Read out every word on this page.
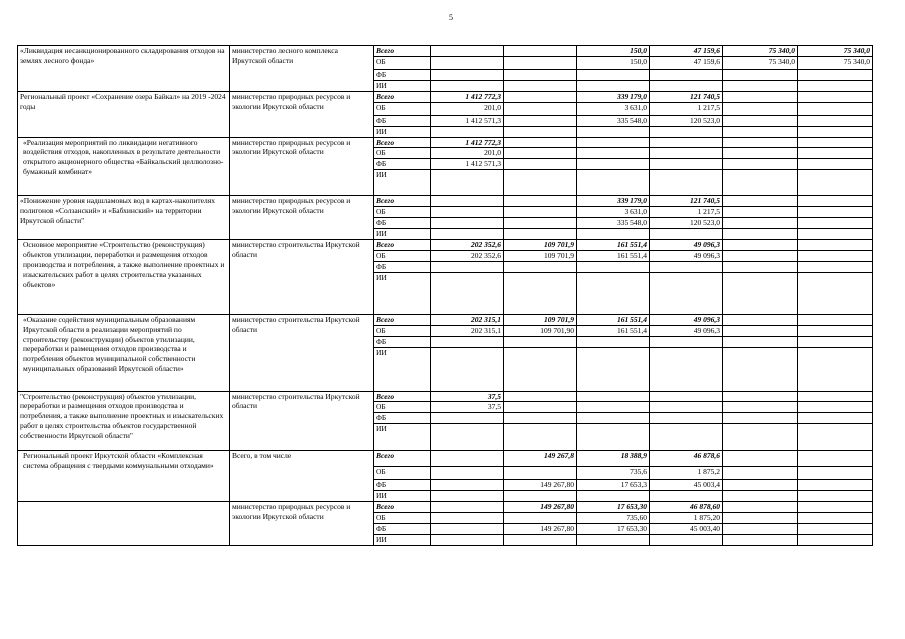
5
«Ликвидация несанкционированного складирования отходов на землях лесного фонда»	министерство лесного комплекса Иркутской области	Всего			150,0	47 159,6	75 340,0	75 340,0
		ОБ			150,0	47 159,6	75 340,0	75 340,0
		ФБ						
		ИИ						
Региональный проект «Сохранение озера Байкал» на 2019 -2024 годы	министерство природных ресурсов и экологии Иркутской области	Всего	1 412 772,3		339 179,0	121 740,5		
		ОБ	201,0		3 631,0	1 217,5		
		ФБ	1 412 571,3		335 548,0	120 523,0		
		ИИ						
«Реализация мероприятий по ликвидации негативного воздействия отходов, накопленных в результате деятельности открытого акционерного общества «Байкальский целлюлозно-бумажный комбинат»	министерство природных ресурсов и экологии Иркутской области	Всего	1 412 772,3					
		ОБ	201,0					
		ФБ	1 412 571,3					
		ИИ						
«Понижение уровня надшламовых вод в картах-накопителях полигонов «Солзанский» и «Бабхинский» на территории Иркутской области"	министерство природных ресурсов и экологии Иркутской области	Всего			339 179,0	121 740,5		
		ОБ			3 631,0	1 217,5		
		ФБ			335 548,0	120 523,0		
		ИИ						
Основное мероприятие «Строительство (реконструкция) объектов утилизации, переработки и размещения отходов производства и потребления, а также выполнение проектных и изыскательских работ в целях строительства указанных объектов»	министерство строительства Иркутской области	Всего	202 352,6	109 701,9	161 551,4	49 096,3		
		ОБ	202 352,6	109 701,9	161 551,4	49 096,3		
		ФБ						
		ИИ						
«Оказание содействия муниципальным образованиям Иркутской области в реализации мероприятий по строительству (реконструкции) объектов утилизации, переработки и размещения отходов производства и потребления объектов муниципальной собственности муниципальных образований Иркутской области»	министерство строительства Иркутской области	Всего	202 315,1	109 701,9	161 551,4	49 096,3		
		ОБ	202 315,1	109 701,90	161 551,4	49 096,3		
		ФБ						
		ИИ						
"Строительство (реконструкция) объектов утилизации, переработки и размещения отходов производства и потребления, а также выполнение проектных и изыскательских работ в целях строительства объектов государственной собственности Иркутской области"	министерство строительства Иркутской области	Всего	37,5					
		ОБ	37,5					
		ФБ						
		ИИ						
Региональный проект Иркутской области «Комплексная система обращения с твердыми коммунальными отходами»	Всего, в том числе	Всего		149 267,8	18 388,9	46 878,6		
		ОБ			735,6	1 875,2		
		ФБ		149 267,80	17 653,3	45 003,4		
		ИИ						
	министерство природных ресурсов и экологии Иркутской области	Всего		149 267,80	17 653,30	46 878,60		
		ОБ			735,60	1 875,20		
		ФБ		149 267,80	17 653,30	45 003,40		
		ИИ						
